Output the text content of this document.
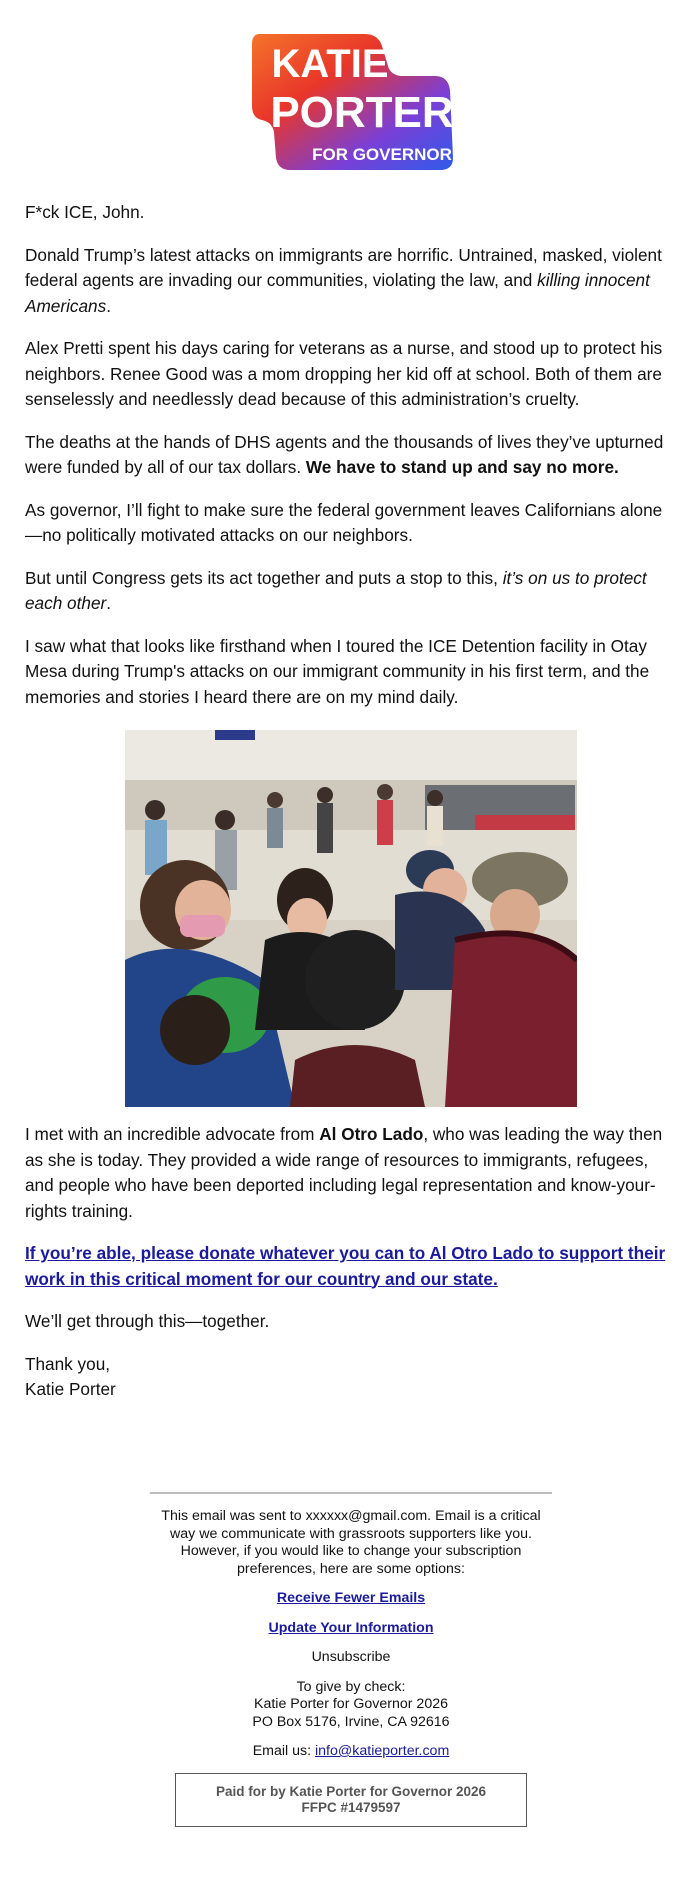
KATIE
PORTER
FOR GOVERNOR

F*ck ICE, John.

Donald Trump’s latest attacks on immigrants are horrific. Untrained, masked, violent federal agents are invading our communities, violating the law, and killing innocent Americans.

Alex Pretti spent his days caring for veterans as a nurse, and stood up to protect his neighbors. Renee Good was a mom dropping her kid off at school. Both of them are senselessly and needlessly dead because of this administration’s cruelty.

The deaths at the hands of DHS agents and the thousands of lives they’ve upturned were funded by all of our tax dollars. We have to stand up and say no more.

As governor, I’ll fight to make sure the federal government leaves Californians alone—no politically motivated attacks on our neighbors.

But until Congress gets its act together and puts a stop to this, it’s on us to protect each other.

I saw what that looks like firsthand when I toured the ICE Detention facility in Otay Mesa during Trump's attacks on our immigrant community in his first term, and the memories and stories I heard there are on my mind daily.

I met with an incredible advocate from Al Otro Lado, who was leading the way then as she is today. They provided a wide range of resources to immigrants, refugees, and people who have been deported including legal representation and know-your-rights training.

If you’re able, please donate whatever you can to Al Otro Lado to support their work in this critical moment for our country and our state.

We’ll get through this—together.

Thank you,
Katie Porter

This email was sent to xxxxxx@gmail.com. Email is a critical way we communicate with grassroots supporters like you. However, if you would like to change your subscription preferences, here are some options:

Receive Fewer Emails

Update Your Information

Unsubscribe

To give by check:
Katie Porter for Governor 2026
PO Box 5176, Irvine, CA 92616

Email us: info@katieporter.com

Paid for by Katie Porter for Governor 2026
FFPC #1479597
